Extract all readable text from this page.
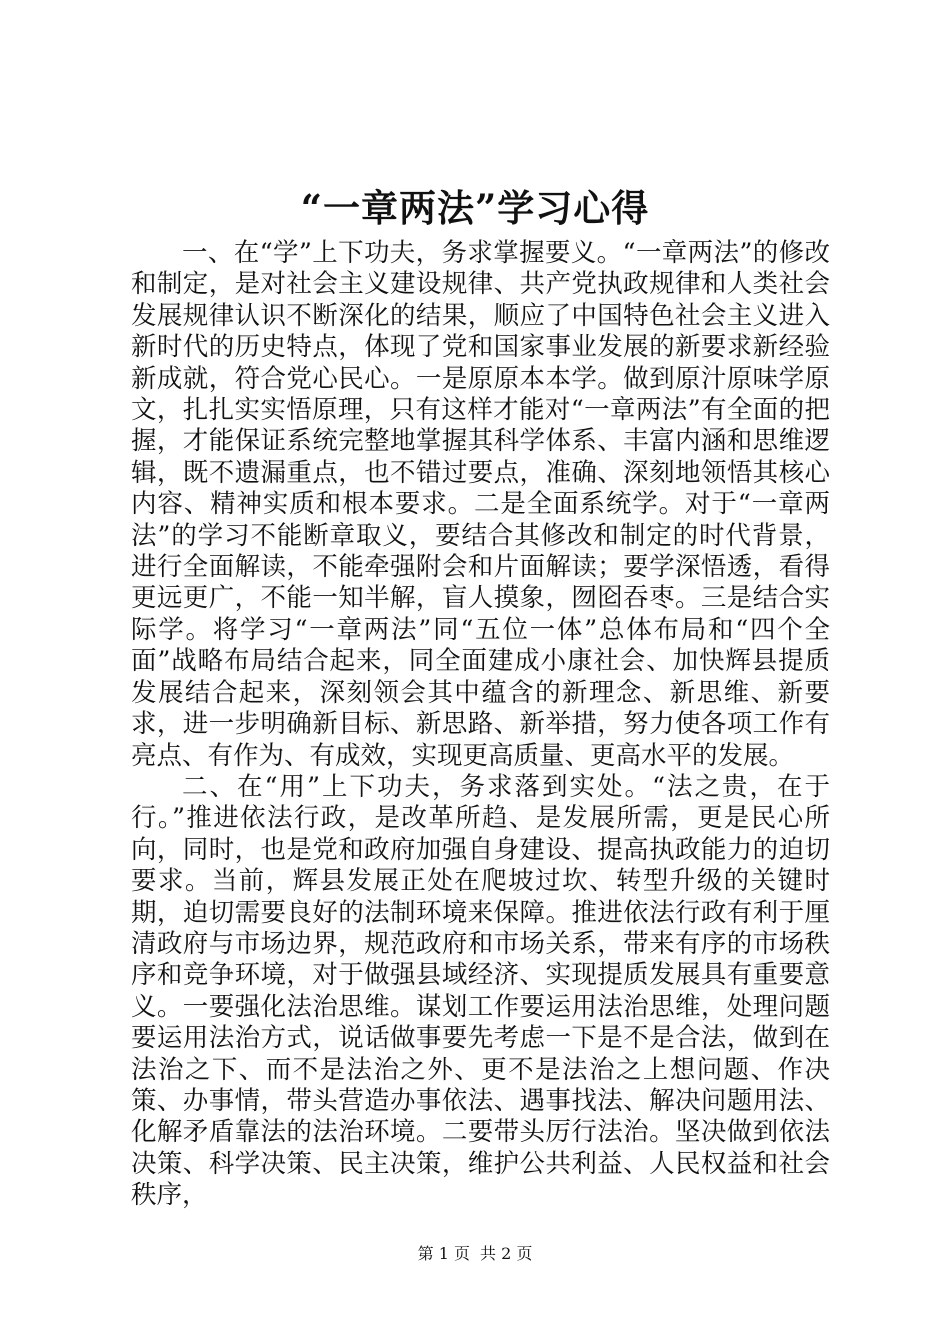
“一章两法”学习心得

一、在“学”上下功夫，务求掌握要义。“一章两法”的修改和制定，是对社会主义建设规律、共产党执政规律和人类社会发展规律认识不断深化的结果，顺应了中国特色社会主义进入新时代的历史特点，体现了党和国家事业发展的新要求新经验新成就，符合党心民心。一是原原本本学。做到原汁原味学原文，扎扎实实悟原理，只有这样才能对“一章两法”有全面的把握，才能保证系统完整地掌握其科学体系、丰富内涵和思维逻辑，既不遗漏重点，也不错过要点，准确、深刻地领悟其核心内容、精神实质和根本要求。二是全面系统学。对于“一章两法”的学习不能断章取义，要结合其修改和制定的时代背景，进行全面解读，不能牵强附会和片面解读；要学深悟透，看得更远更广，不能一知半解，盲人摸象，囫囵吞枣。三是结合实际学。将学习“一章两法”同“五位一体”总体布局和“四个全面”战略布局结合起来，同全面建成小康社会、加快辉县提质发展结合起来，深刻领会其中蕴含的新理念、新思维、新要求，进一步明确新目标、新思路、新举措，努力使各项工作有亮点、有作为、有成效，实现更高质量、更高水平的发展。

二、在“用”上下功夫，务求落到实处。“法之贵，在于行。”推进依法行政，是改革所趋、是发展所需，更是民心所向，同时，也是党和政府加强自身建设、提高执政能力的迫切要求。当前，辉县发展正处在爬坡过坎、转型升级的关键时期，迫切需要良好的法制环境来保障。推进依法行政有利于厘清政府与市场边界，规范政府和市场关系，带来有序的市场秩序和竞争环境，对于做强县域经济、实现提质发展具有重要意义。一要强化法治思维。谋划工作要运用法治思维，处理问题要运用法治方式，说话做事要先考虑一下是不是合法，做到在法治之下、而不是法治之外、更不是法治之上想问题、作决策、办事情，带头营造办事依法、遇事找法、解决问题用法、化解矛盾靠法的法治环境。二要带头厉行法治。坚决做到依法决策、科学决策、民主决策，维护公共利益、人民权益和社会秩序，

第 1 页 共 2 页
